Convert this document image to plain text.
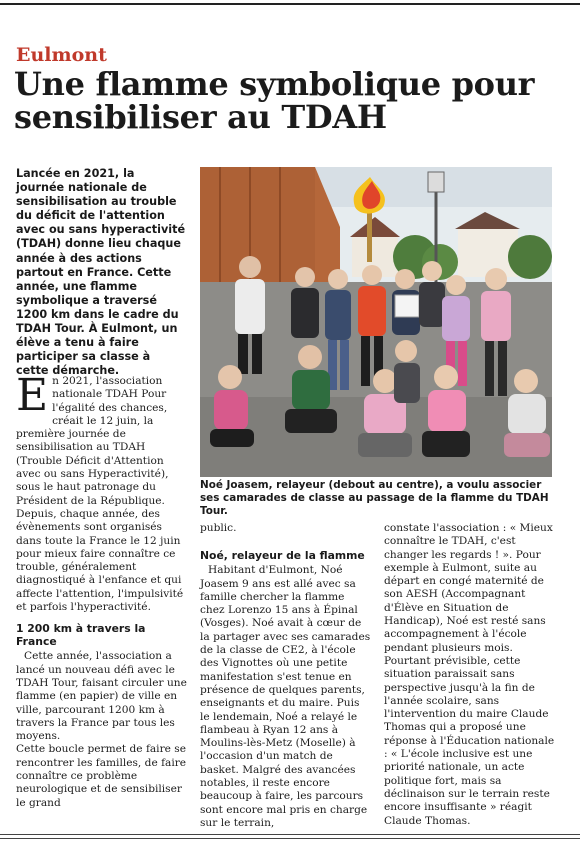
Eulmont
Une flamme symbolique pour sensibiliser au TDAH
Lancée en 2021, la journée nationale de sensibilisation au trouble du déficit de l'attention avec ou sans hyperactivité (TDAH) donne lieu chaque année à des actions partout en France. Cette année, une flamme symbolique a traversé 1200 km dans le cadre du TDAH Tour. À Eulmont, un élève a tenu à faire participer sa classe à cette démarche.
Noé Joasem, relayeur (debout au centre), a voulu associer ses camarades de classe au passage de la flamme du TDAH Tour.

En 2021, l'association nationale TDAH Pour l'égalité des chances, créait le 12 juin, la première journée de sensibilisation au TDAH (Trouble Déficit d'Attention avec ou sans Hyperactivité), sous le haut patronage du Président de la République.

Depuis, chaque année, des évènements sont organisés dans toute la France le 12 juin pour mieux faire connaître ce trouble, généralement diagnostiqué à l'enfance et qui affecte l'attention, l'impulsivité et parfois l'hyperactivité.

1 200 km à travers la France

Cette année, l'association a lancé un nouveau défi avec le TDAH Tour, faisant circuler une flamme (en papier) de ville en ville, parcourant 1200 km à travers la France par tous les moyens.

Cette boucle permet de faire se rencontrer les familles, de faire connaître ce problème neurologique et de sensibiliser le grand

public.

Noé, relayeur de la flamme

Habitant d'Eulmont, Noé Joasem 9 ans est allé avec sa famille chercher la flamme chez Lorenzo 15 ans à Épinal (Vosges). Noé avait à cœur de la partager avec ses camarades de la classe de CE2, à l'école des Vignottes où une petite manifestation s'est tenue en présence de quelques parents, enseignants et du maire. Puis le lendemain, Noé a relayé le flambeau à Ryan 12 ans à Moulins-lès-Metz (Moselle) à l'occasion d'un match de basket. Malgré des avancées notables, il reste encore beaucoup à faire, les parcours sont encore mal pris en charge sur le terrain,

constate l'association : « Mieux connaître le TDAH, c'est changer les regards ! ». Pour exemple à Eulmont, suite au départ en congé maternité de son AESH (Accompagnant d'Élève en Situation de Handicap), Noé est resté sans accompagnement à l'école pendant plusieurs mois. Pourtant prévisible, cette situation paraissait sans perspective jusqu'à la fin de l'année scolaire, sans l'intervention du maire Claude Thomas qui a proposé une réponse à l'Éducation nationale : « L'école inclusive est une priorité nationale, un acte politique fort, mais sa déclinaison sur le terrain reste encore insuffisante » réagit Claude Thomas.
